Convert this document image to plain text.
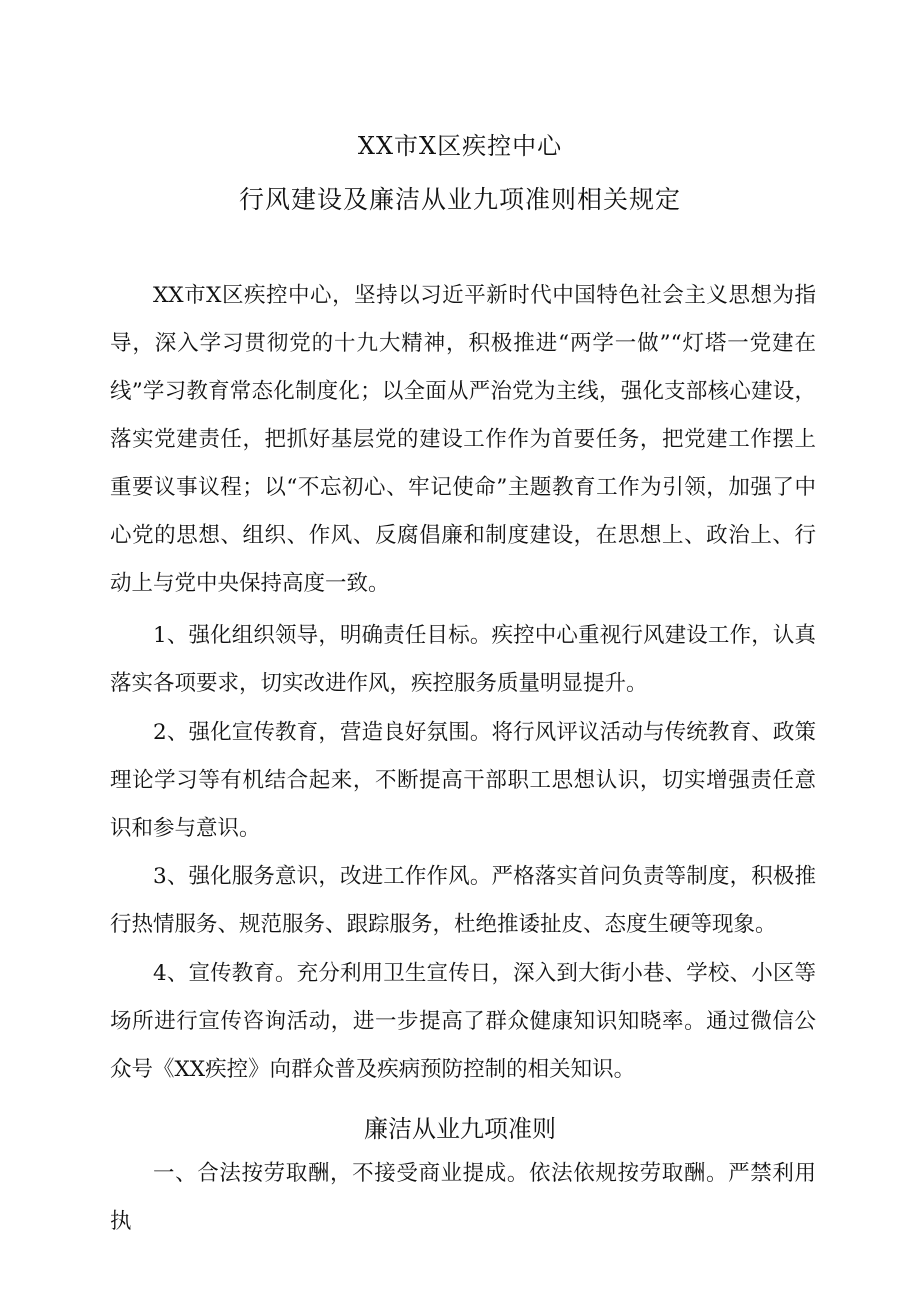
XX市X区疾控中心
行风建设及廉洁从业九项准则相关规定

XX市X区疾控中心，坚持以习近平新时代中国特色社会主义思想为指导，深入学习贯彻党的十九大精神，积极推进“两学一做”“灯塔一党建在线”学习教育常态化制度化；以全面从严治党为主线，强化支部核心建设，落实党建责任，把抓好基层党的建设工作作为首要任务，把党建工作摆上重要议事议程；以“不忘初心、牢记使命”主题教育工作为引领，加强了中心党的思想、组织、作风、反腐倡廉和制度建设，在思想上、政治上、行动上与党中央保持高度一致。

1、强化组织领导，明确责任目标。疾控中心重视行风建设工作，认真落实各项要求，切实改进作风，疾控服务质量明显提升。

2、强化宣传教育，营造良好氛围。将行风评议活动与传统教育、政策理论学习等有机结合起来，不断提高干部职工思想认识，切实增强责任意识和参与意识。

3、强化服务意识，改进工作作风。严格落实首问负责等制度，积极推行热情服务、规范服务、跟踪服务，杜绝推诿扯皮、态度生硬等现象。

4、宣传教育。充分利用卫生宣传日，深入到大街小巷、学校、小区等场所进行宣传咨询活动，进一步提高了群众健康知识知晓率。通过微信公众号《XX疾控》向群众普及疾病预防控制的相关知识。

廉洁从业九项准则

一、合法按劳取酬，不接受商业提成。依法依规按劳取酬。严禁利用执
